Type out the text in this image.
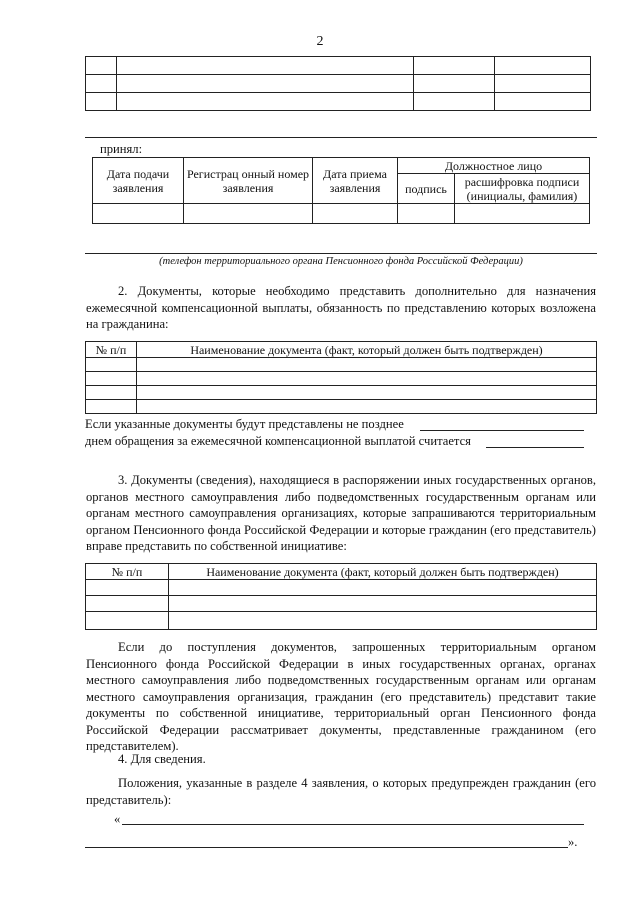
2

принял:
Дата подачи заявления	Регистрац онный номер заявления	Дата приема заявления	Должностное лицо	
			подпись	расшифровка подписи (инициалы, фамилия)

(телефон территориального органа Пенсионного фонда Российской Федерации)
2. Документы, которые необходимо представить дополнительно для назначения ежемесячной компенсационной выплаты, обязанность по представлению которых возложена на гражданина:
№ п/п	Наименование документа (факт, который должен быть подтвержден)

Если указанные документы будут представлены не позднее
днем обращения за ежемесячной компенсационной выплатой считается
3. Документы (сведения), находящиеся в распоряжении иных государственных органов, органов местного самоуправления либо подведомственных государственным органам или органам местного самоуправления организациях, которые запрашиваются территориальным органом Пенсионного фонда Российской Федерации и которые гражданин (его представитель) вправе представить по собственной инициативе:
№ п/п	Наименование документа (факт, который должен быть подтвержден)

Если до поступления документов, запрошенных территориальным органом Пенсионного фонда Российской Федерации в иных государственных органах, органах местного самоуправления либо подведомственных государственным органам или органам местного самоуправления организация, гражданин (его представитель) представит такие документы по собственной инициативе, территориальный орган Пенсионного фонда Российской Федерации рассматривает документы, представленные гражданином (его представителем).
4. Для сведения.
Положения, указанные в разделе 4 заявления, о которых предупрежден гражданин (его представитель):
«
».
